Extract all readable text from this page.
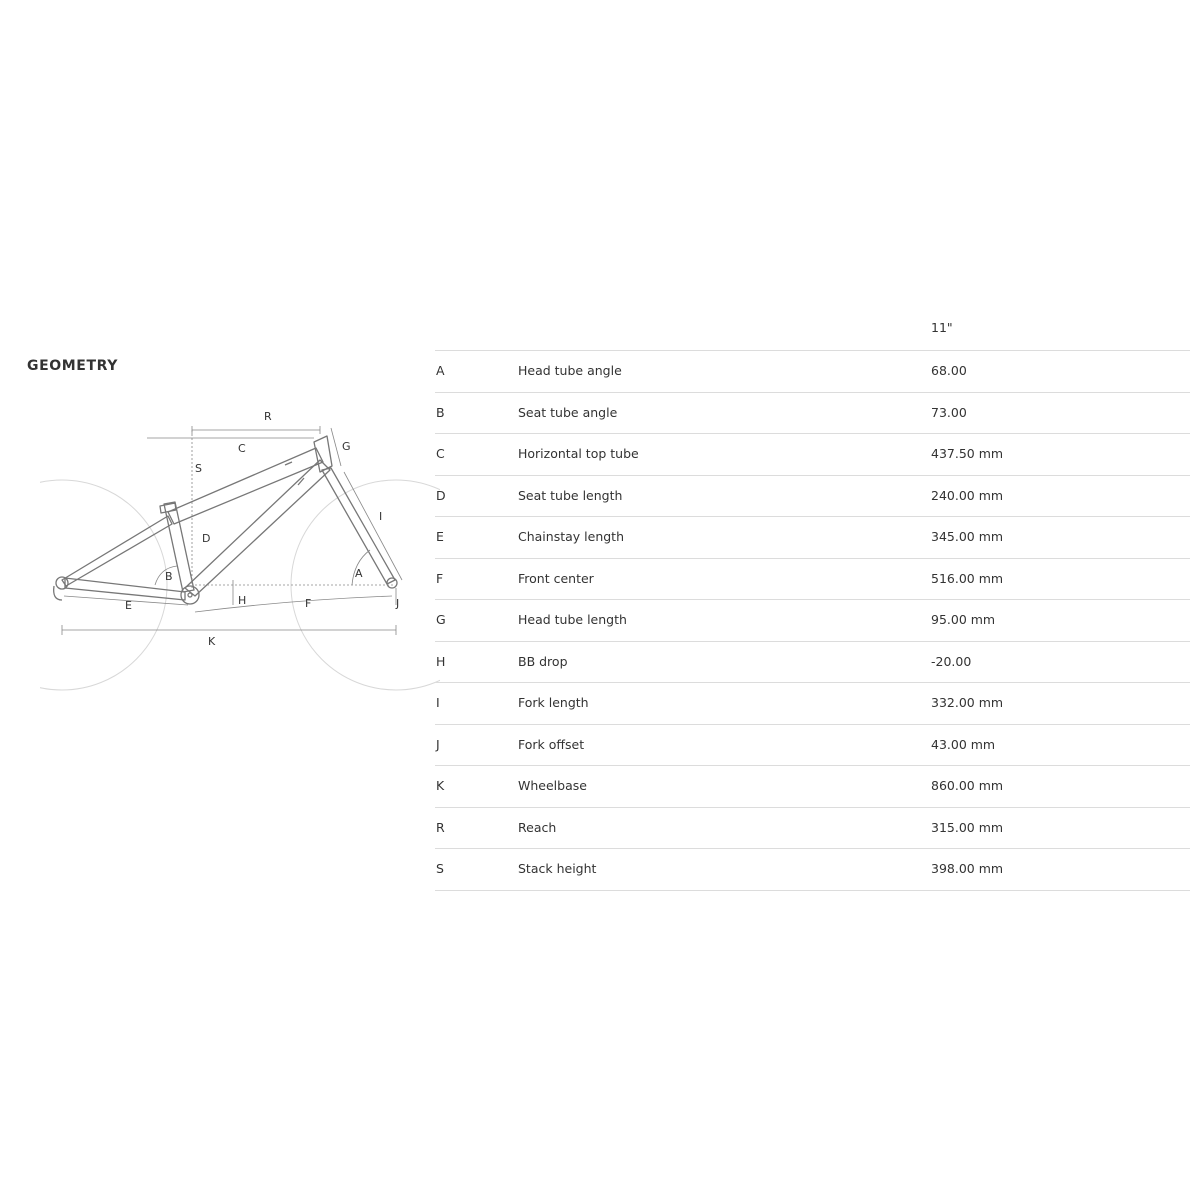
GEOMETRY
R
C	G
S
I
D
A
B
H
E	F	J
K
11"
A	Head tube angle	68.00
B	Seat tube angle	73.00
C	Horizontal top tube	437.50 mm
D	Seat tube length	240.00 mm
E	Chainstay length	345.00 mm
F	Front center	516.00 mm
G	Head tube length	95.00 mm
H	BB drop	-20.00
I	Fork length	332.00 mm
J	Fork offset	43.00 mm
K	Wheelbase	860.00 mm
R	Reach	315.00 mm
S	Stack height	398.00 mm
